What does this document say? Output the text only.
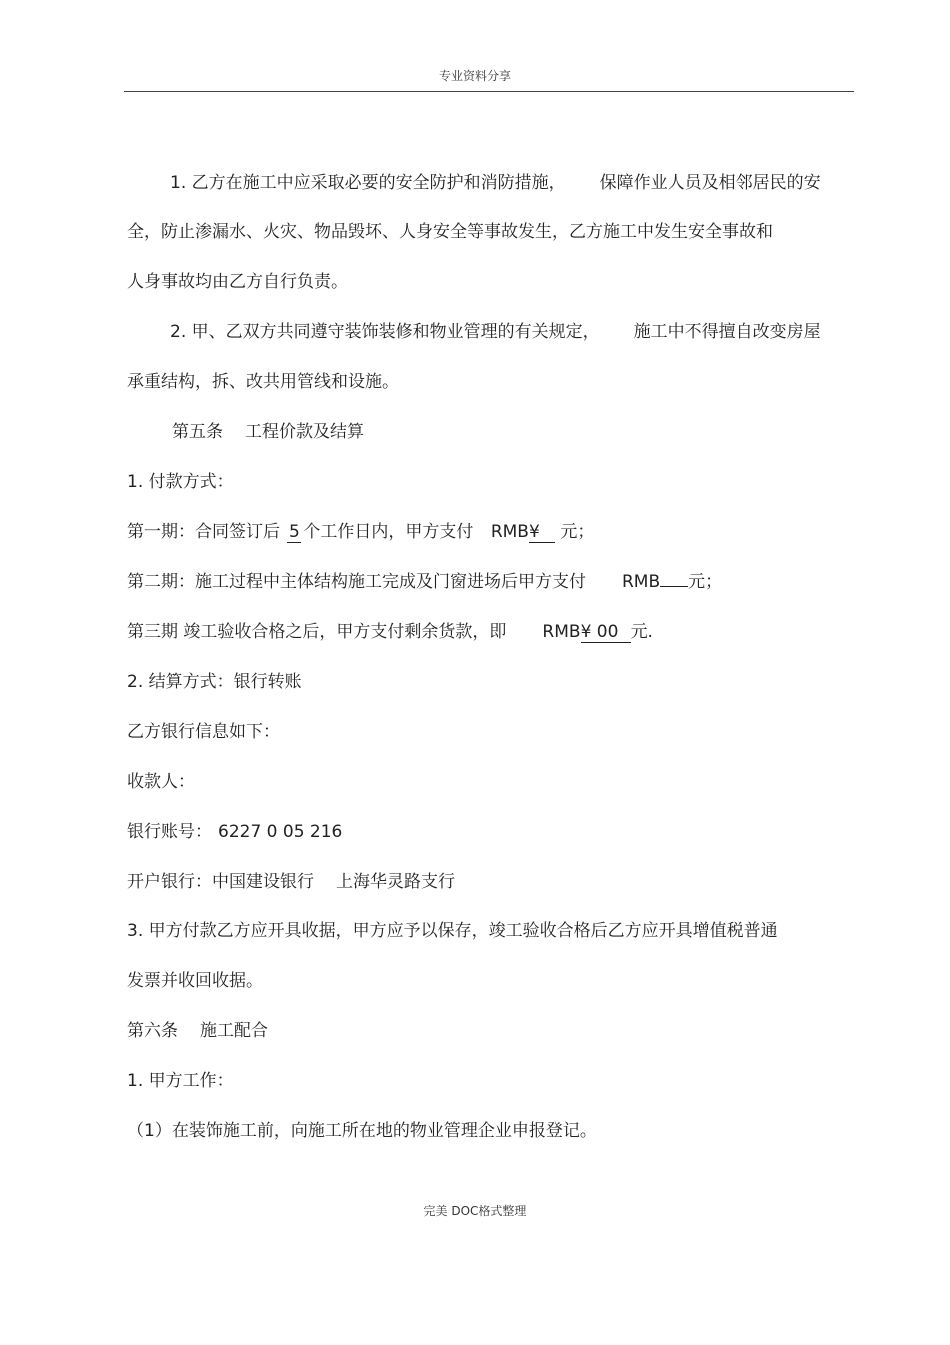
专业资料分享
1. 乙方在施工中应采取必要的安全防护和消防措施， 保障作业人员及相邻居民的安
全，防止渗漏水、火灾、物品毁坏、人身安全等事故发生，乙方施工中发生安全事故和
人身事故均由乙方自行负责。
2. 甲、乙双方共同遵守装饰装修和物业管理的有关规定， 施工中不得擅自改变房屋
承重结构，拆、改共用管线和设施。
第五条 工程价款及结算
1. 付款方式：
第一期：合同签订后 5 个工作日内，甲方支付 RMB¥ 元；
第二期：施工过程中主体结构施工完成及门窗进场后甲方支付 RMB 元；
第三期 竣工验收合格之后，甲方支付剩余货款，即 RMB¥ 00 元.
2. 结算方式：银行转账
乙方银行信息如下：
收款人：
银行账号： 6227 0 05 216
开户银行：中国建设银行 上海华灵路支行
3. 甲方付款乙方应开具收据，甲方应予以保存，竣工验收合格后乙方应开具增值税普通
发票并收回收据。
第六条 施工配合
1. 甲方工作：
（1）在装饰施工前，向施工所在地的物业管理企业申报登记。
完美 DOC格式整理
